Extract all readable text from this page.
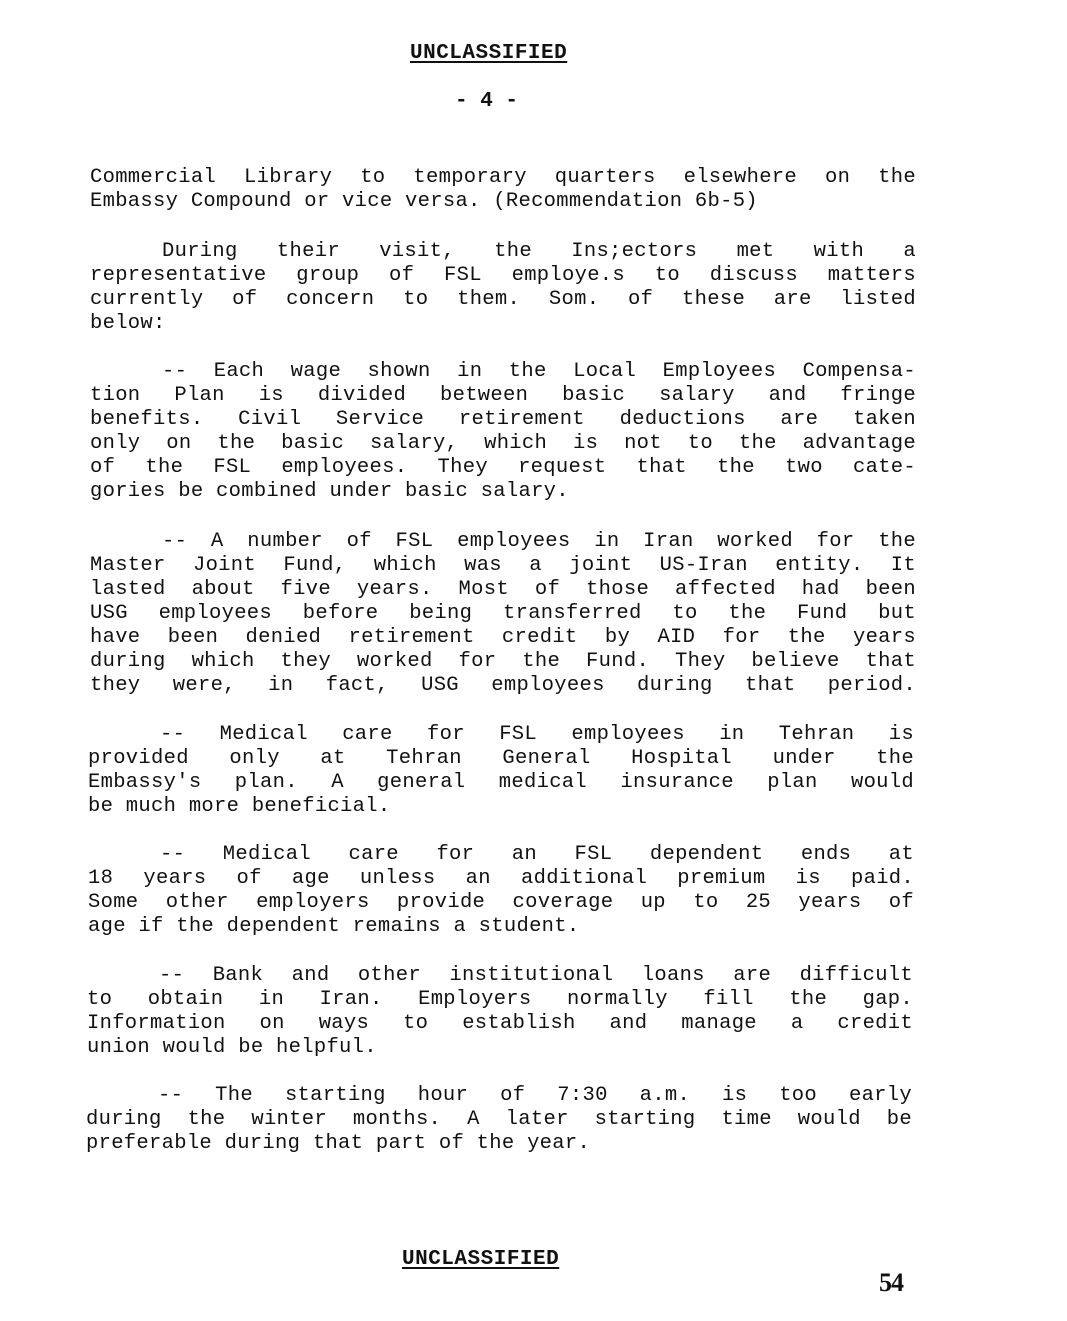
UNCLASSIFIED
- 4 -
Commercial Library to temporary quarters elsewhere on the
Embassy Compound or vice versa. (Recommendation 6b-5)
During their visit, the Ins;ectors met with a
representative group of FSL employe.s to discuss matters
currently of concern to them. Som. of these are listed
below:
-- Each wage shown in the Local Employees Compensa-
tion Plan is divided between basic salary and fringe
benefits. Civil Service retirement deductions are taken
only on the basic salary, which is not to the advantage
of the FSL employees. They request that the two cate-
gories be combined under basic salary.
-- A number of FSL employees in Iran worked for the
Master Joint Fund, which was a joint US-Iran entity. It
lasted about five years. Most of those affected had been
USG employees before being transferred to the Fund but
have been denied retirement credit by AID for the years
during which they worked for the Fund. They believe that
they were, in fact, USG employees during that period.
-- Medical care for FSL employees in Tehran is
provided only at Tehran General Hospital under the
Embassy's plan. A general medical insurance plan would
be much more beneficial.
-- Medical care for an FSL dependent ends at
18 years of age unless an additional premium is paid.
Some other employers provide coverage up to 25 years of
age if the dependent remains a student.
-- Bank and other institutional loans are difficult
to obtain in Iran. Employers normally fill the gap.
Information on ways to establish and manage a credit
union would be helpful.
-- The starting hour of 7:30 a.m. is too early
during the winter months. A later starting time would be
preferable during that part of the year.
UNCLASSIFIED
54
